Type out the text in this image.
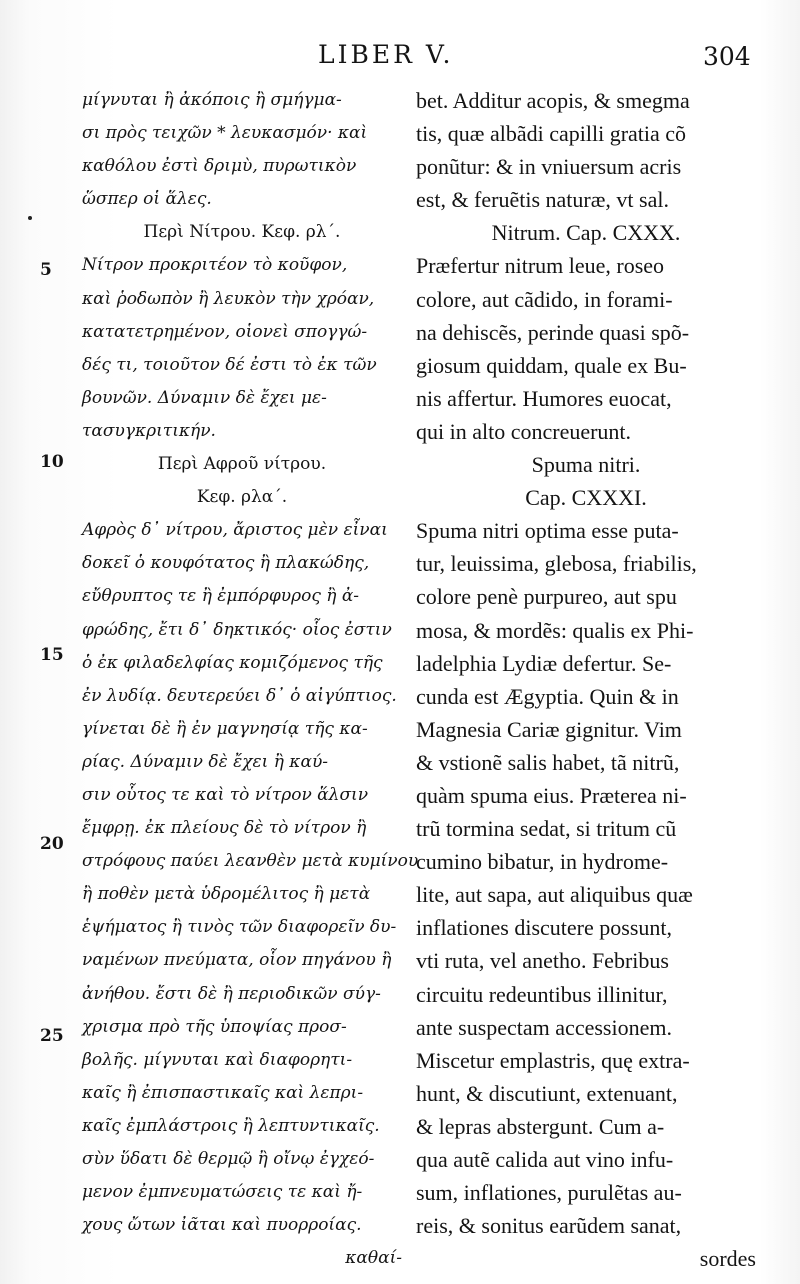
LIBER V.	304
5
10
15
20
25
μίγνυται ἢ ἀκόποις ἢ σμήγμα-
σι πρὸς τειχῶν * λευκασμόν· καὶ
καθόλου ἐστὶ δριμὺ, πυρωτικὸν
ὥσπερ οἱ ἅλες.
Περὶ Νίτρου. Κεφ. ρλ΄.
Νίτρον προκριτέον τὸ κοῦφον,
καὶ ῥοδωπὸν ἢ λευκὸν τὴν χρόαν,
κατατετρημένον, οἱονεὶ σπογγώ-
δές τι, τοιοῦτον δέ ἐστι τὸ ἐκ τῶν
βουνῶν. Δύναμιν δὲ ἔχει με-
τασυγκριτικήν.
Περὶ Αφροῦ νίτρου.
Κεφ. ρλα΄.
Αφρὸς δ᾽ νίτρου, ἄριστος μὲν εἶναι
δοκεῖ ὁ κουφότατος ἢ πλακώδης,
εὔθρυπτος τε ἢ ἐμπόρφυρος ἢ ἀ-
φρώδης, ἔτι δ᾽ δηκτικός· οἷος ἐστιν
ὁ ἐκ φιλαδελφίας κομιζόμενος τῆς
ἐν λυδίᾳ. δευτερεύει δ᾽ ὁ αἰγύπτιος.
γίνεται δὲ ἢ ἐν μαγνησίᾳ τῆς κα-
ρίας. Δύναμιν δὲ ἔχει ἢ καύ-
σιν οὗτος τε καὶ τὸ νίτρον ἅλσιν
ἔμφρῃ. ἐκ πλείους δὲ τὸ νίτρον ἢ
στρόφους παύει λεανθὲν μετὰ κυμίνου
ἢ ποθὲν μετὰ ὑδρομέλιτος ἢ μετὰ
ἑψήματος ἢ τινὸς τῶν διαφορεῖν δυ-
ναμένων πνεύματα, οἷον πηγάνου ἢ
ἀνήθου. ἔστι δὲ ἢ περιοδικῶν σύγ-
χρισμα πρὸ τῆς ὑποψίας προσ-
βολῆς. μίγνυται καὶ διαφορητι-
καῖς ἢ ἐπισπαστικαῖς καὶ λεπρι-
καῖς ἐμπλάστροις ἢ λεπτυντικαῖς.
σὺν ὕδατι δὲ θερμῷ ἢ οἴνῳ ἐγχεό-
μενον ἐμπνευματώσεις τε καὶ ἤ-
χους ὤτων ἰᾶται καὶ πυορροίας.
καθαί-
bet. Additur acopis, & smegma
tis, quæ albãdi capilli gratia cõ
ponũtur: & in vniuersum acris
est, & feruẽtis naturæ, vt sal.
Nitrum. Cap. CXXX.
Præfertur nitrum leue, roseo
colore, aut cãdido, in forami-
na dehiscẽs, perinde quasi spõ-
giosum quiddam, quale ex Bu-
nis affertur. Humores euocat,
qui in alto concreuerunt.
Spuma nitri.
Cap. CXXXI.
Spuma nitri optima esse puta-
tur, leuissima, glebosa, friabilis,
colore penè purpureo, aut spu
mosa, & mordẽs: qualis ex Phi-
ladelphia Lydiæ defertur. Se-
cunda est Ægyptia. Quin & in
Magnesia Cariæ gignitur. Vim
& vstionẽ salis habet, tã nitrũ,
quàm spuma eius. Præterea ni-
trũ tormina sedat, si tritum cũ
cumino bibatur, in hydrome-
lite, aut sapa, aut aliquibus quæ
inflationes discutere possunt,
vti ruta, vel anetho. Febribus
circuitu redeuntibus illinitur,
ante suspectam accessionem.
Miscetur emplastris, quę extra-
hunt, & discutiunt, extenuant,
& lepras abstergunt. Cum a-
qua autẽ calida aut vino infu-
sum, inflationes, purulẽtas au-
reis, & sonitus earũdem sanat,
sordes
